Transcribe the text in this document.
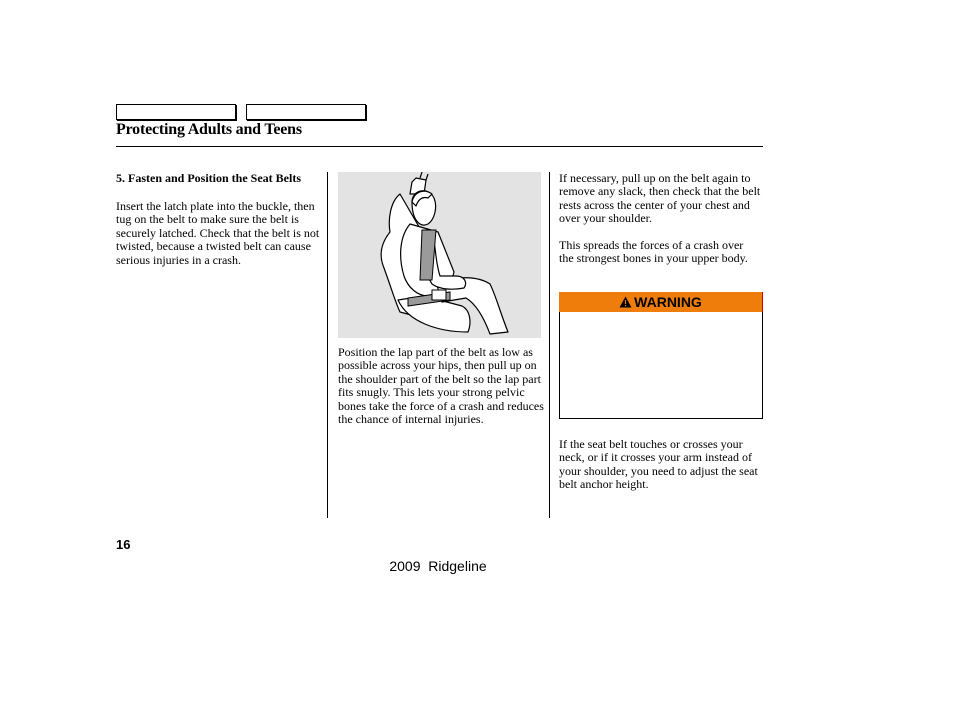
Protecting Adults and Teens
5. Fasten and Position the Seat Belts

Insert the latch plate into the buckle, then tug on the belt to make sure the belt is securely latched. Check that the belt is not twisted, because a twisted belt can cause serious injuries in a crash.

Position the lap part of the belt as low as possible across your hips, then pull up on the shoulder part of the belt so the lap part fits snugly. This lets your strong pelvic bones take the force of a crash and reduces the chance of internal injuries.

If necessary, pull up on the belt again to remove any slack, then check that the belt rests across the center of your chest and over your shoulder.

This spreads the forces of a crash over the strongest bones in your upper body.

WARNING

If the seat belt touches or crosses your neck, or if it crosses your arm instead of your shoulder, you need to adjust the seat belt anchor height.

16
2009  Ridgeline
